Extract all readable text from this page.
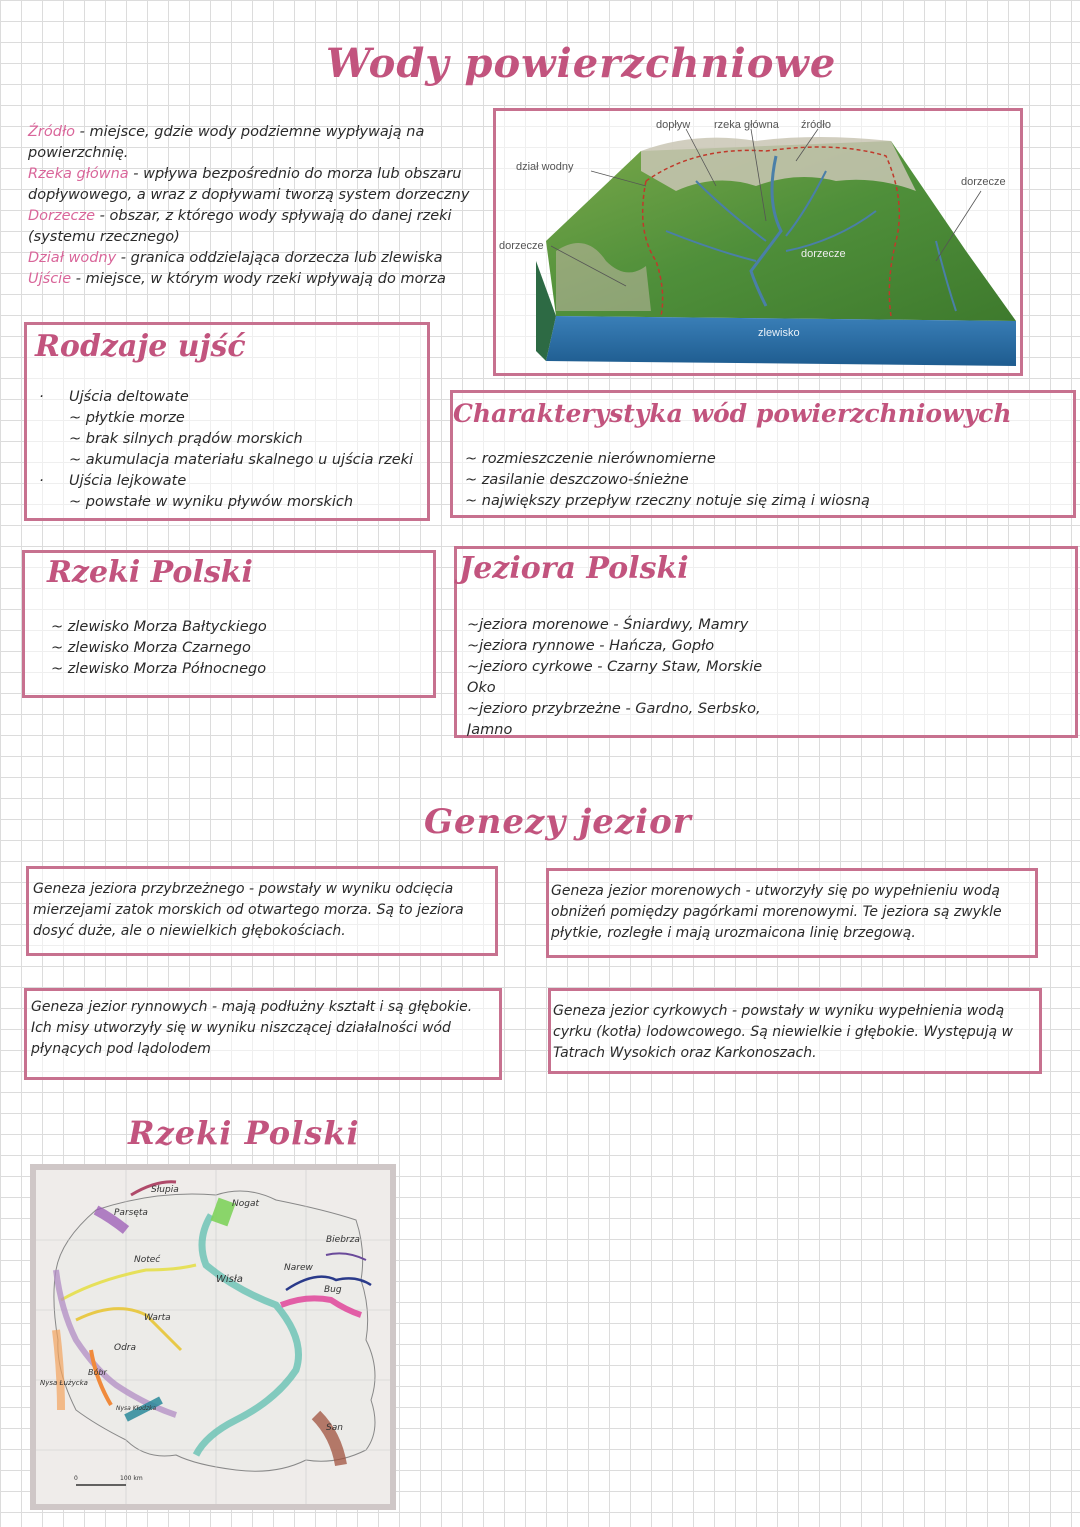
Wody powierzchniowe

Źródło - miejsce, gdzie wody podziemne wypływają na

powierzchnię.

Rzeka główna - wpływa bezpośrednio do morza lub obszaru

dopływowego, a wraz z dopływami tworzą system dorzeczny

Dorzecze - obszar, z którego wody spływają do danej rzeki

(systemu rzecznego)

Dział wodny - granica oddzielająca dorzecza lub zlewiska

Ujście - miejsce, w którym wody rzeki wpływają do morza

dopływ rzeka główna źródło
dział wodny
dorzecze
dorzecze
dorzecze
zlewisko
Rodzaje ujść

· Ujścia deltowate

~ płytkie morze

~ brak silnych prądów morskich

~ akumulacja materiału skalnego u ujścia rzeki

· Ujścia lejkowate

~ powstałe w wyniku pływów morskich

Charakterystyka wód powierzchniowych

~ rozmieszczenie nierównomierne

~ zasilanie deszczowo-śnieżne

~ największy przepływ rzeczny notuje się zimą i wiosną

Rzeki Polski

~ zlewisko Morza Bałtyckiego

~ zlewisko Morza Czarnego

~ zlewisko Morza Północnego

Jeziora Polski

~jeziora morenowe - Śniardwy, Mamry

~jeziora rynnowe - Hańcza, Gopło

~jezioro cyrkowe - Czarny Staw, Morskie

Oko

~jezioro przybrzeżne - Gardno, Serbsko,

Jamno

Genezy jezior

Geneza jeziora przybrzeżnego - powstały w wyniku odcięcia

mierzejami zatok morskich od otwartego morza. Są to jeziora

dosyć duże, ale o niewielkich głębokościach.

Geneza jezior morenowych - utworzyły się po wypełnieniu wodą

obniżeń pomiędzy pagórkami morenowymi. Te jeziora są zwykle

płytkie, rozległe i mają urozmaicona linię brzegową.

Geneza jezior rynnowych - mają podłużny kształt i są głębokie.

Ich misy utworzyły się w wyniku niszczącej działalności wód

płynących pod lądolodem

Geneza jezior cyrkowych - powstały w wyniku wypełnienia wodą

cyrku (kotła) lodowcowego. Są niewielkie i głębokie. Występują w

Tatrach Wysokich oraz Karkonoszach.

Rzeki Polski
Słupia
Parsęta
Nogat
Noteć
Wisła
Narew
Biebrza
Bug
Warta
Odra
Bóbr
Nysa Łużycka
Nysa Kłodzka
San
0	100 km
